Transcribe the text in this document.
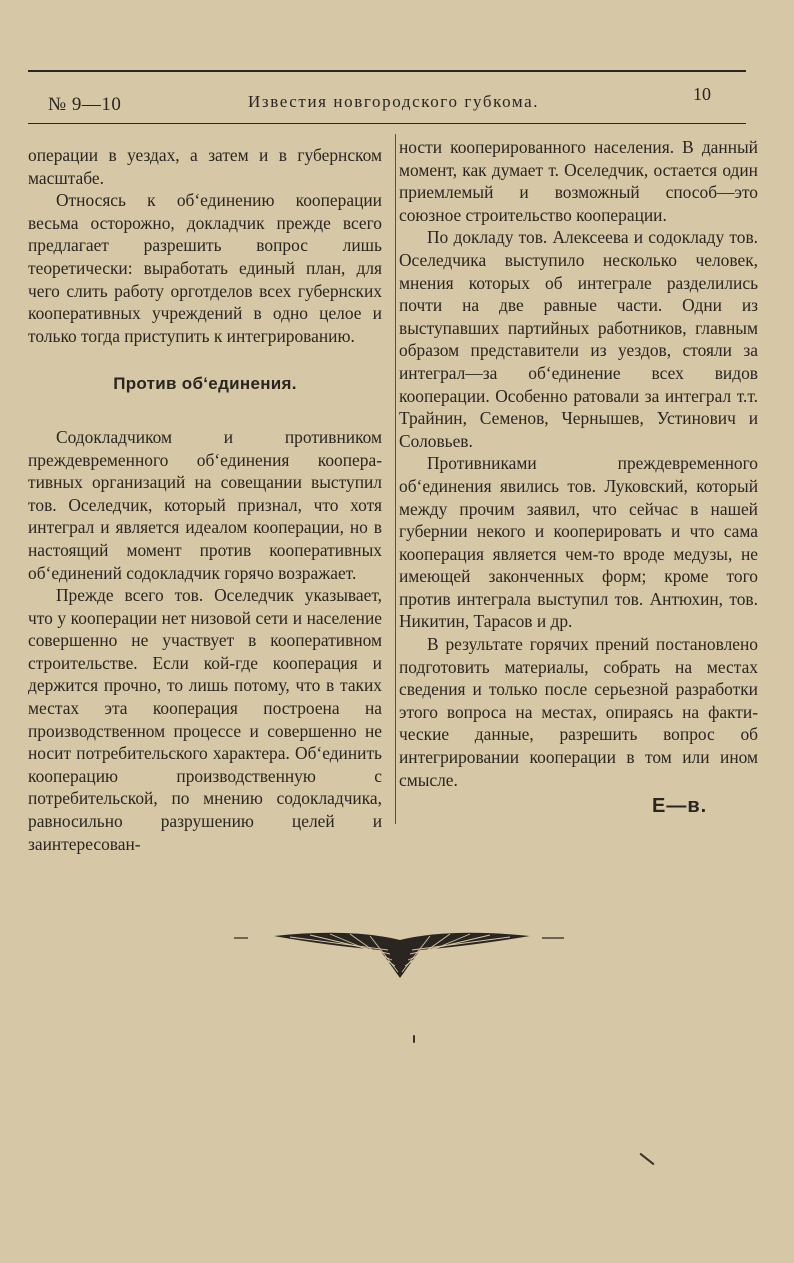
№ 9—10	Известия новгородского губкома.	10

операции в уездах, а затем и в губернском масштабе.

Относясь к об‘единению кооперации весьма осторожно, докладчик прежде всего предлагает разрешить вопрос лишь теоретически: выработать единый план, для чего слить работу орготделов всех губернских кооперативных учреждений в одно целое и только тогда приступить к интегрированию.

Против об‘единения.

Содокладчиком и противником преждевременного об‘единения кооперативных организаций на совещании выступил тов. Оселедчик, который признал, что хотя интеграл и является идеалом кооперации, но в настоящий момент против кооперативных об‘единений содокладчик горячо возражает.

Прежде всего тов. Оселедчик указывает, что у кооперации нет низовой сети и население совершенно не участвует в кооперативном строительстве. Если кой-где кооперация и держится прочно, то лишь потому, что в таких местах эта кооперация построена на производственном процессе и совершенно не носит потребительского характера. Об‘единить кооперацию производственную с потребительской, по мнению содокладчика, равносильно разрушению целей и заинтересован-

ности кооперированного населения. В данный момент, как думает т. Оселедчик, остается один приемлемый и возможный способ—это союзное строительство кооперации.

По докладу тов. Алексеева и содокладу тов. Оселедчика выступило несколько человек, мнения которых об интеграле разделились почти на две равные части. Одни из выступавших партийных работников, главным образом представители из уездов, стояли за интеграл—за об‘единение всех видов кооперации. Особенно ратовали за интеграл т.т. Трайнин, Семенов, Чернышев, Устинович и Соловьев.

Противниками преждевременного об‘единения явились тов. Луковский, который между прочим заявил, что сейчас в нашей губернии некого и кооперировать и что сама кооперация является чем-то вроде медузы, не имеющей законченных форм; кроме того против интеграла выступил тов. Антюхин, тов. Никитин, Тарасов и др.

В результате горячих прений постановлено подготовить материалы, собрать на местах сведения и только после серьезной разработки этого вопроса на местах, опираясь на фактические данные, разрешить вопрос об интегрировании кооперации в том или ином смысле.

Е—в.
